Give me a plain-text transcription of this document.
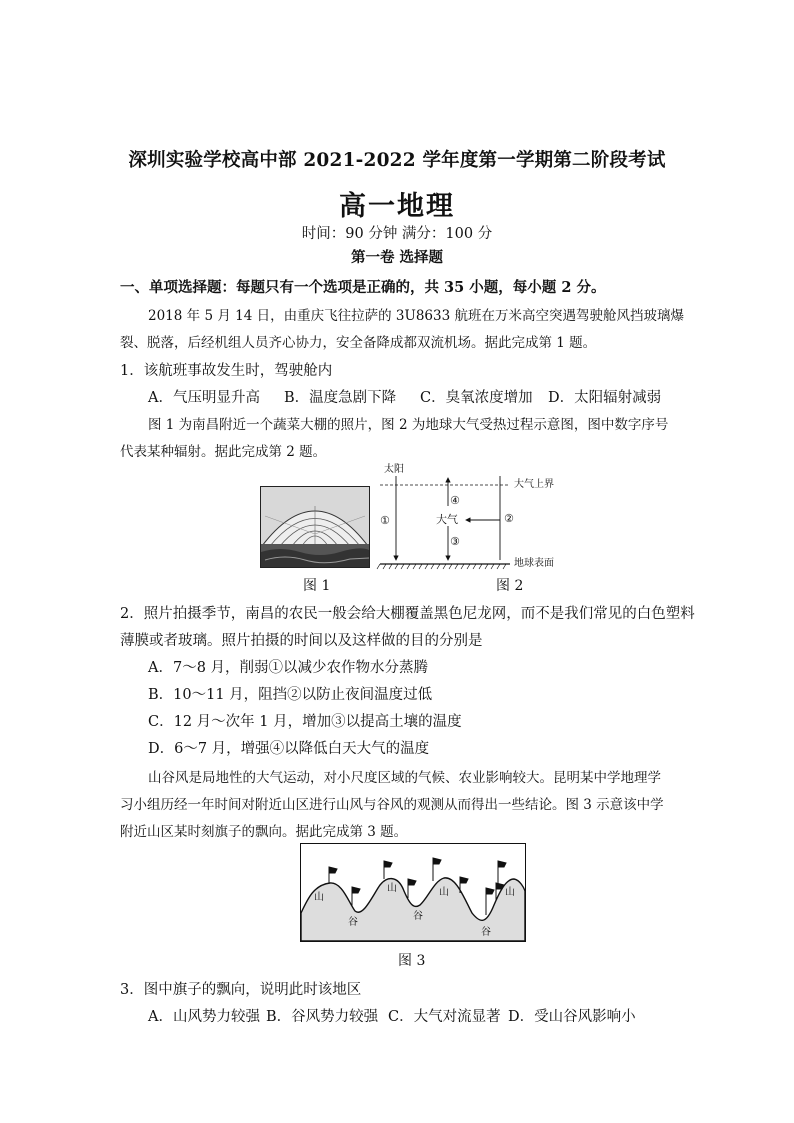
深圳实验学校高中部 2021-2022 学年度第一学期第二阶段考试
高一地理
时间：90 分钟 满分：100 分
第一卷 选择题
一、单项选择题：每题只有一个选项是正确的，共 35 小题，每小题 2 分。
2018 年 5 月 14 日，由重庆飞往拉萨的 3U8633 航班在万米高空突遇驾驶舱风挡玻璃爆
裂、脱落，后经机组人员齐心协力，安全备降成都双流机场。据此完成第 1 题。
1．该航班事故发生时，驾驶舱内
A．气压明显升高 B．温度急剧下降 C．臭氧浓度增加 D．太阳辐射减弱
图 1 为南昌附近一个蔬菜大棚的照片，图 2 为地球大气受热过程示意图，图中数字序号
代表某种辐射。据此完成第 2 题。
图 1
太阳
大气上界
①	②
③
④
大气
地球表面
图 2
2．照片拍摄季节，南昌的农民一般会给大棚覆盖黑色尼龙网，而不是我们常见的白色塑料
薄膜或者玻璃。照片拍摄的时间以及这样做的目的分别是
A．7～8 月，削弱①以减少农作物水分蒸腾
B．10～11 月，阻挡②以防止夜间温度过低
C．12 月～次年 1 月，增加③以提高土壤的温度
D．6～7 月，增强④以降低白天大气的温度
山谷风是局地性的大气运动，对小尺度区域的气候、农业影响较大。昆明某中学地理学
习小组历经一年时间对附近山区进行山风与谷风的观测从而得出一些结论。图 3 示意该中学
附近山区某时刻旗子的飘向。据此完成第 3 题。
山
山	山	山
谷
谷
谷
图 3
3．图中旗子的飘向，说明此时该地区
A．山风势力较强 B．谷风势力较强 C．大气对流显著 D．受山谷风影响小
